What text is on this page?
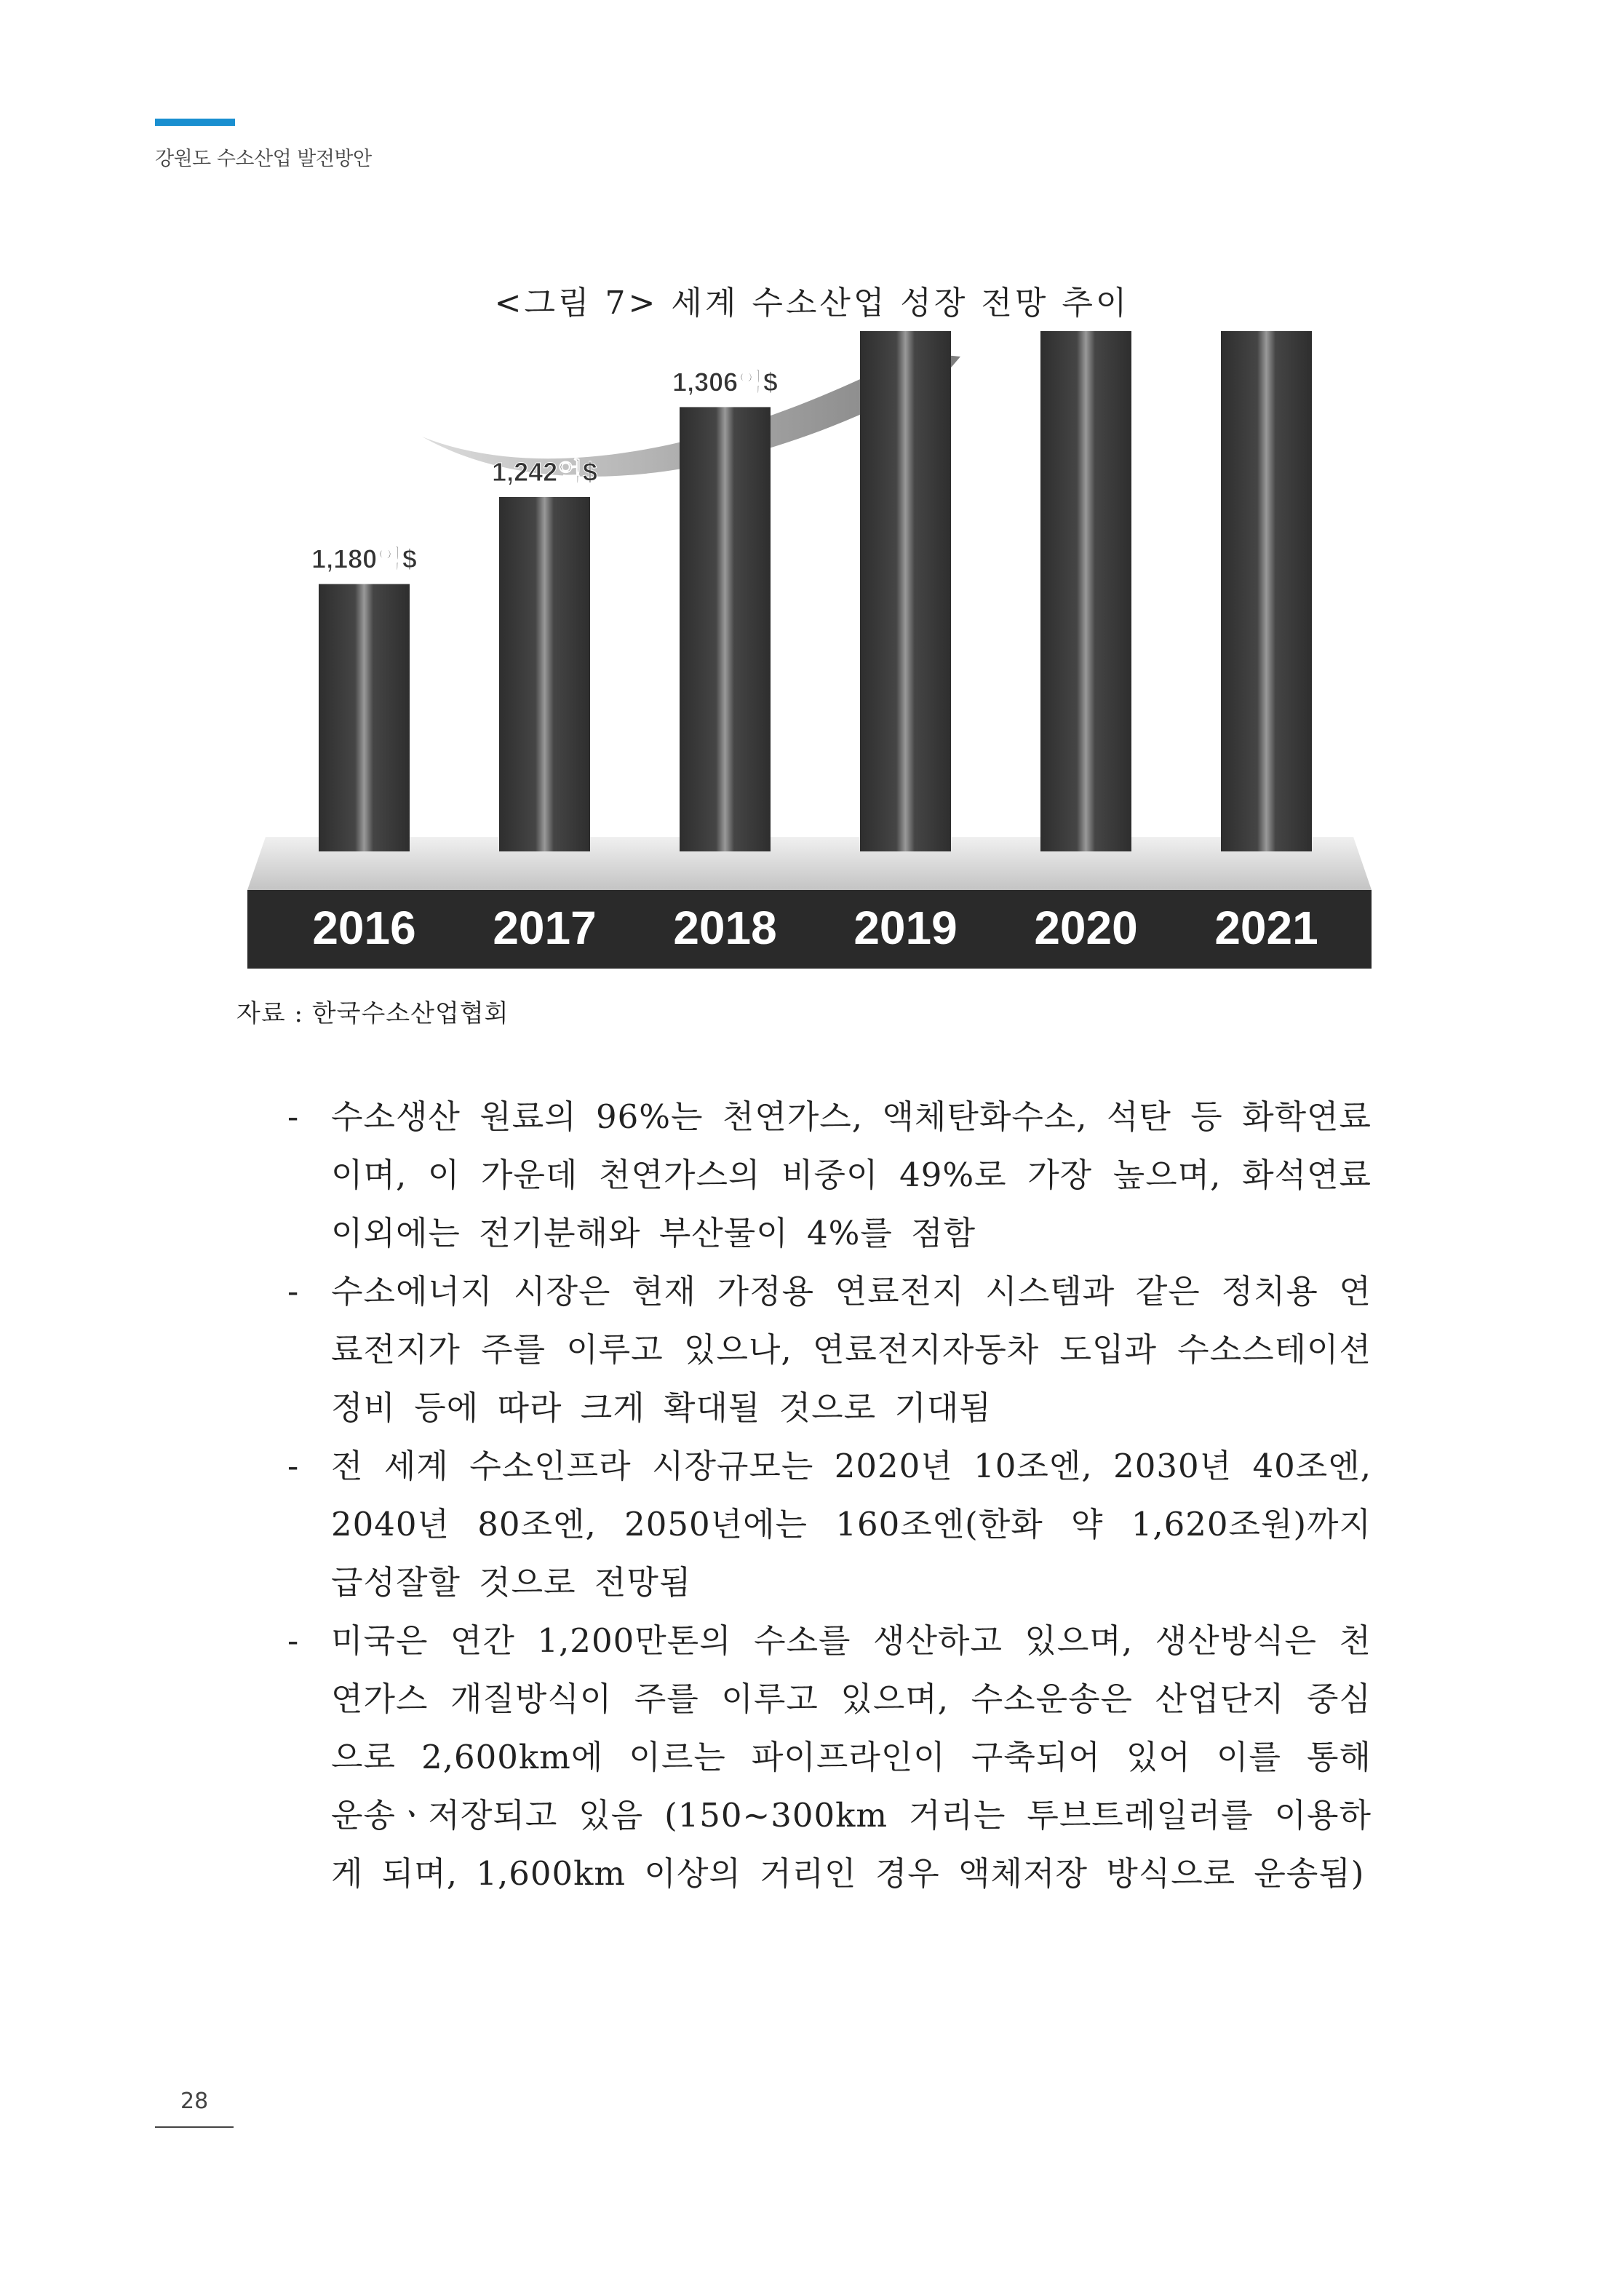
강원도 수소산업 발전방안
<그림 7> 세계 수소산업 성장 전망 추이
1,180억$
2016
1,242억$
2017
1,306억$
2018 2019 2020 2021
자료 : 한국수소산업협회
- 수소생산 원료의 96%는 천연가스, 액체탄화수소, 석탄 등 화학연료이며, 이 가운데 천연가스의 비중이 49%로 가장 높으며, 화석연료 이외에는 전기분해와 부산물이 4%를 점함
- 수소에너지 시장은 현재 가정용 연료전지 시스템과 같은 정치용 연료전지가 주를 이루고 있으나, 연료전지자동차 도입과 수소스테이션 정비 등에 따라 크게 확대될 것으로 기대됨
- 전 세계 수소인프라 시장규모는 2020년 10조엔, 2030년 40조엔, 2040년 80조엔, 2050년에는 160조엔(한화 약 1,620조원)까지 급성잘할 것으로 전망됨
- 미국은 연간 1,200만톤의 수소를 생산하고 있으며, 생산방식은 천연가스 개질방식이 주를 이루고 있으며, 수소운송은 산업단지 중심으로 2,600km에 이르는 파이프라인이 구축되어 있어 이를 통해 운송ㆍ저장되고 있음 (150~300km 거리는 투브트레일러를 이용하게 되며, 1,600km 이상의 거리인 경우 액체저장 방식으로 운송됨)
28
